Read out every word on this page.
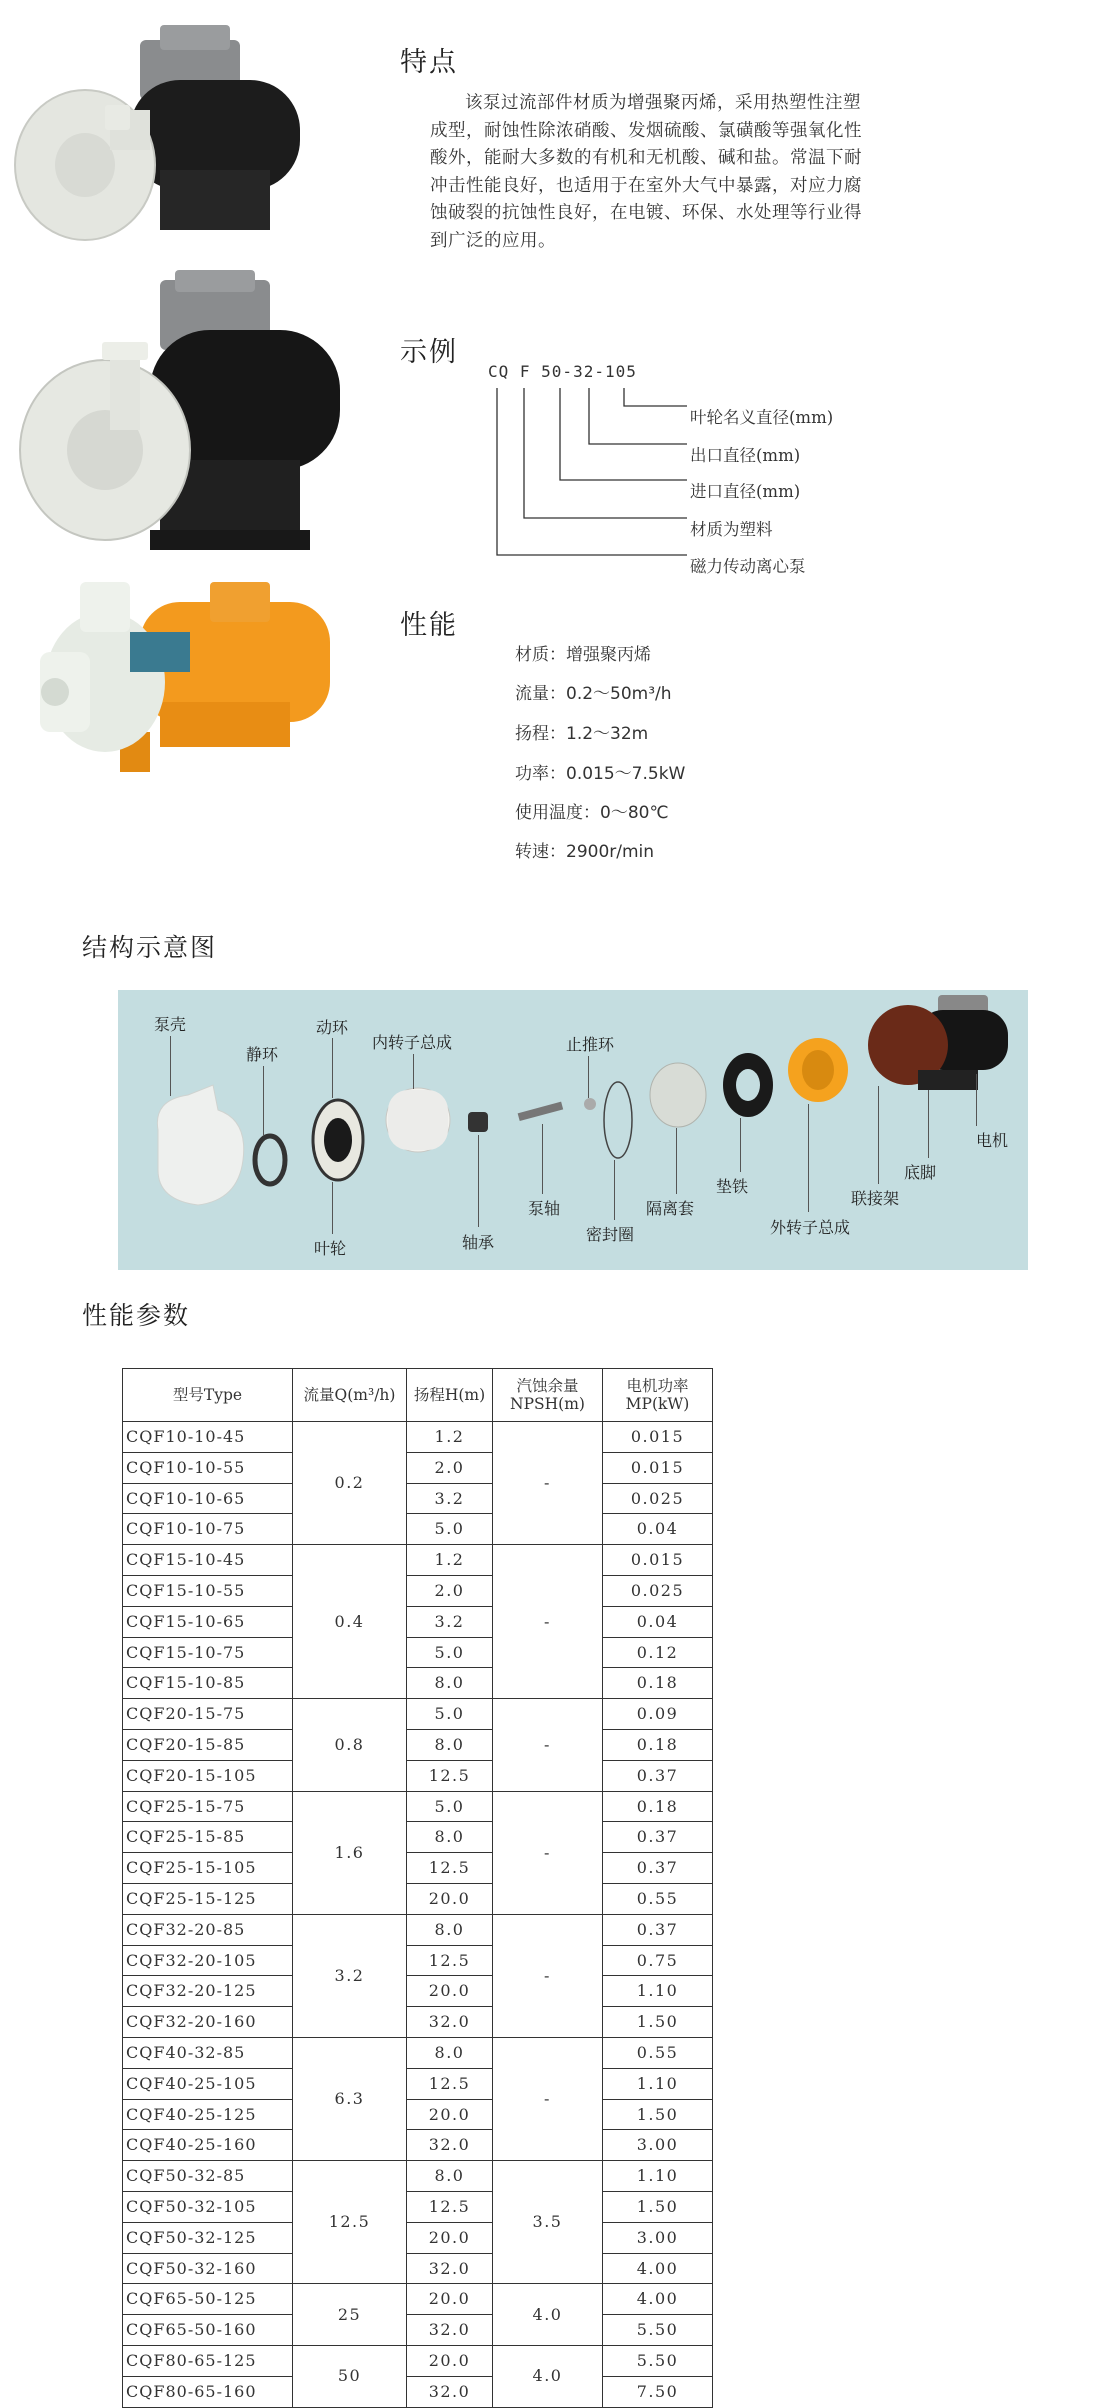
特点
该泵过流部件材质为增强聚丙烯，采用热塑性注塑成型，耐蚀性除浓硝酸、发烟硫酸、氯磺酸等强氧化性酸外，能耐大多数的有机和无机酸、碱和盐。常温下耐冲击性能良好，也适用于在室外大气中暴露，对应力腐蚀破裂的抗蚀性良好，在电镀、环保、水处理等行业得到广泛的应用。
示例
CQ F 50-32-105
叶轮名义直径(mm)
出口直径(mm)
进口直径(mm)
材质为塑料
磁力传动离心泵
性能
材质：增强聚丙烯
流量：0.2～50m³/h
扬程：1.2～32m
功率：0.015～7.5kW
使用温度：0～80℃
转速：2900r/min
结构示意图
泵壳
静环
动环
内转子总成	止推环
叶轮	轴承
泵轴
密封圈
隔离套
垫铁
外转子总成
联接架
底脚
电机
性能参数
型号Type	流量Q(m³/h)	扬程H(m)	汽蚀余量
NPSH(m)	电机功率
MP(kW)
CQF10-10-45	0.2	1.2	-	0.015
CQF10-10-55		2.0		0.015
CQF10-10-65		3.2		0.025
CQF10-10-75		5.0		0.04
CQF15-10-45	0.4	1.2	-	0.015
CQF15-10-55		2.0		0.025
CQF15-10-65		3.2		0.04
CQF15-10-75		5.0		0.12
CQF15-10-85		8.0		0.18
CQF20-15-75	0.8	5.0	-	0.09
CQF20-15-85		8.0		0.18
CQF20-15-105		12.5		0.37
CQF25-15-75	1.6	5.0	-	0.18
CQF25-15-85		8.0		0.37
CQF25-15-105		12.5		0.37
CQF25-15-125		20.0		0.55
CQF32-20-85	3.2	8.0	-	0.37
CQF32-20-105		12.5		0.75
CQF32-20-125		20.0		1.10
CQF32-20-160		32.0		1.50
CQF40-32-85	6.3	8.0	-	0.55
CQF40-25-105		12.5		1.10
CQF40-25-125		20.0		1.50
CQF40-25-160		32.0		3.00
CQF50-32-85	12.5	8.0	3.5	1.10
CQF50-32-105		12.5		1.50
CQF50-32-125		20.0		3.00
CQF50-32-160		32.0		4.00
CQF65-50-125	25	20.0	4.0	4.00
CQF65-50-160		32.0		5.50
CQF80-65-125	50	20.0	4.0	5.50
CQF80-65-160		32.0		7.50
